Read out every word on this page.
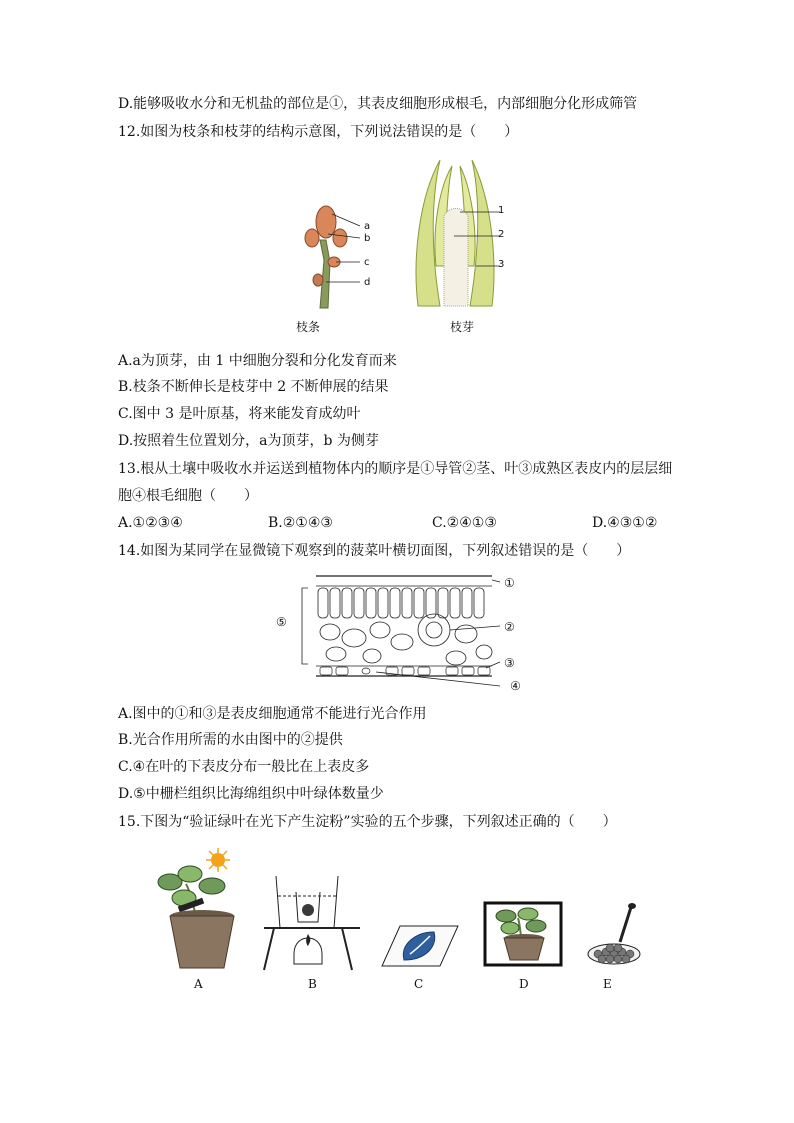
D.能够吸收水分和无机盐的部位是①，其表皮细胞形成根毛，内部细胞分化形成筛管
12.如图为枝条和枝芽的结构示意图，下列说法错误的是（　　）
a
b
c
d
枝条
1
2
3
枝芽
A.a为顶芽，由 1 中细胞分裂和分化发育而来
B.枝条不断伸长是枝芽中 2 不断伸展的结果
C.图中 3 是叶原基，将来能发育成幼叶
D.按照着生位置划分，a为顶芽，b 为侧芽
13.根从土壤中吸收水并运送到植物体内的顺序是①导管②茎、叶③成熟区表皮内的层层细
胞④根毛细胞（　　）
A.①②③④	B.②①④③	C.②④①③	D.④③①②
14.如图为某同学在显微镜下观察到的菠菜叶横切面图，下列叙述错误的是（　　）
①
②
③
④
⑤
A.图中的①和③是表皮细胞通常不能进行光合作用
B.光合作用所需的水由图中的②提供
C.④在叶的下表皮分布一般比在上表皮多
D.⑤中栅栏组织比海绵组织中叶绿体数量少
15.下图为“验证绿叶在光下产生淀粉”实验的五个步骤，下列叙述正确的（　　）
A	B	C	D	E
